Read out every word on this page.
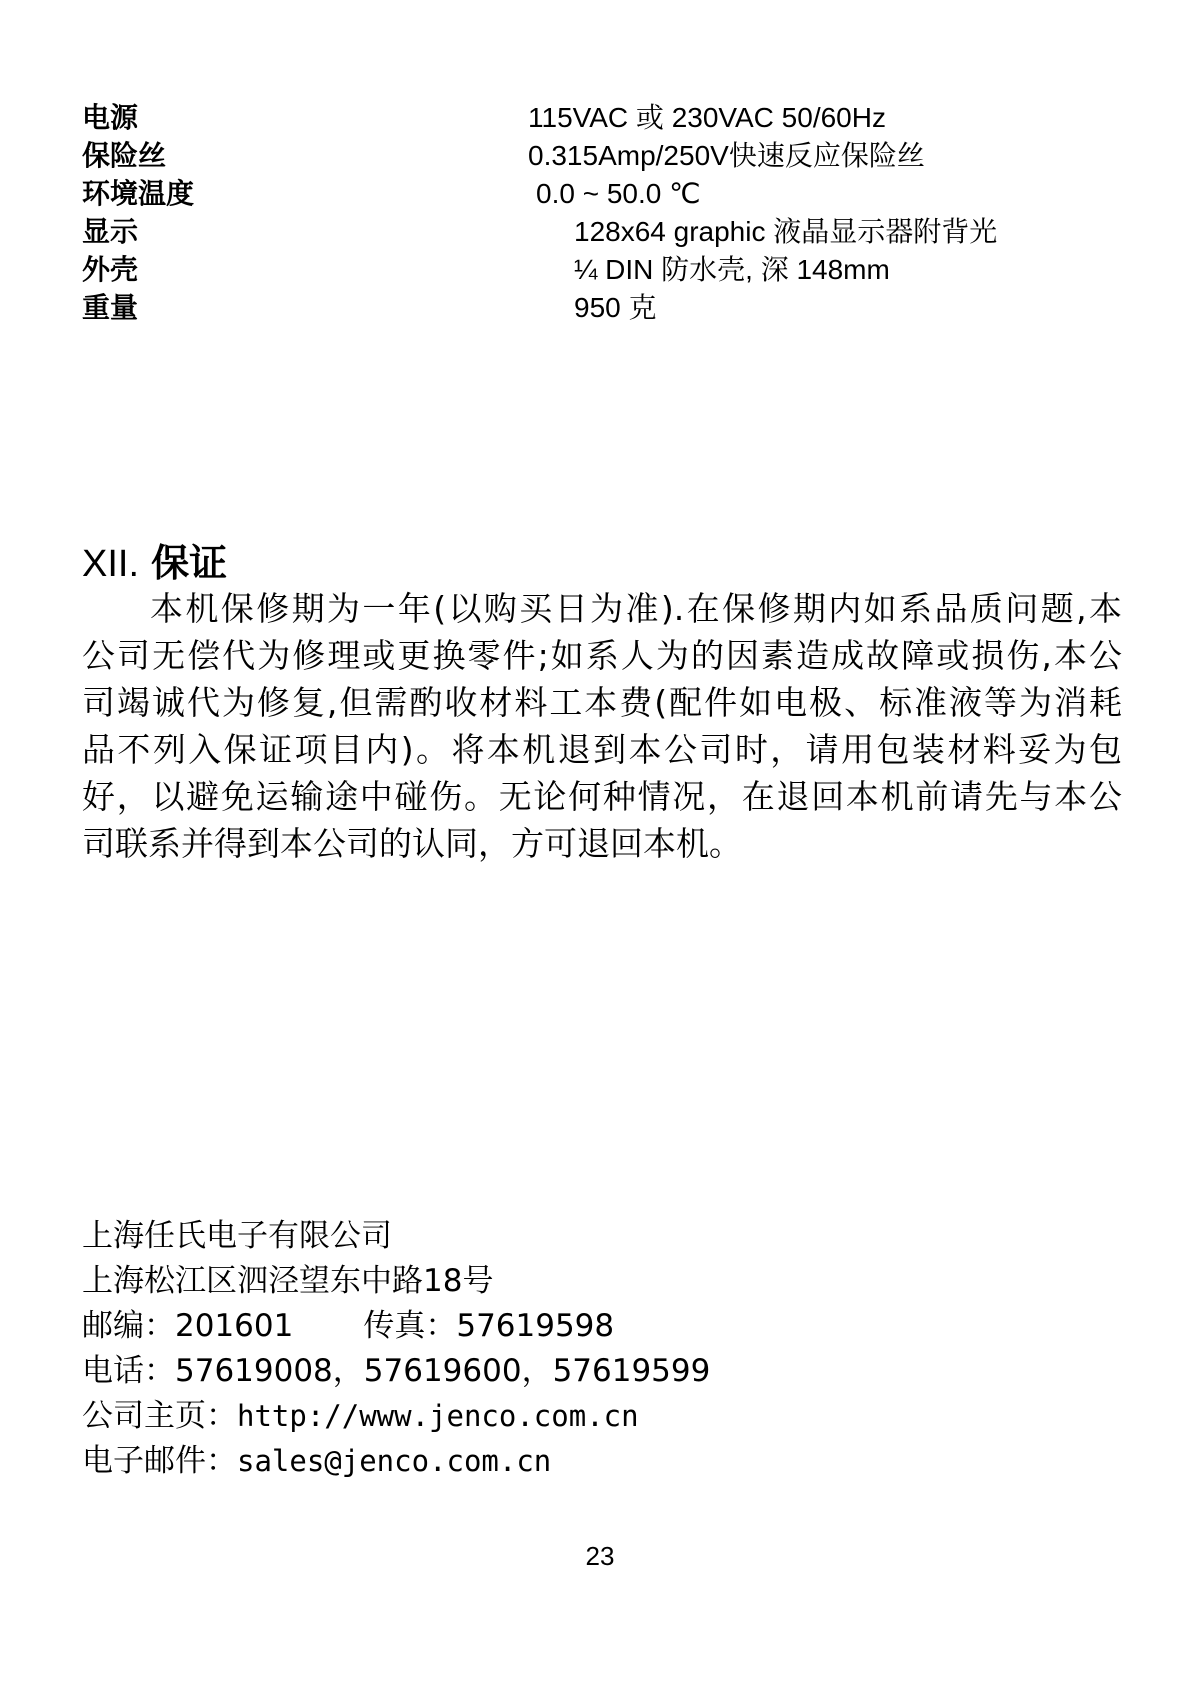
电源	115VAC 或 230VAC 50/60Hz
保险丝	0.315Amp/250V快速反应保险丝
环境温度	0.0 ~ 50.0 ℃
显示	128x64 graphic 液晶显示器附背光
外壳	¼ DIN 防水壳, 深 148mm
重量	950 克
XII. 保证
本机保修期为一年(以购买日为准).在保修期内如系品质问题,本
公司无偿代为修理或更换零件;如系人为的因素造成故障或损伤,本公
司竭诚代为修复,但需酌收材料工本费(配件如电极、标准液等为消耗
品不列入保证项目内)。将本机退到本公司时，请用包装材料妥为包
好，以避免运输途中碰伤。无论何种情况，在退回本机前请先与本公
司联系并得到本公司的认同，方可退回本机。
上海任氏电子有限公司
上海松江区泗泾望东中路18号
邮编：201601 传真：57619598
电话：57619008，57619600，57619599
公司主页：http://www.jenco.com.cn
电子邮件：sales@jenco.com.cn
23
